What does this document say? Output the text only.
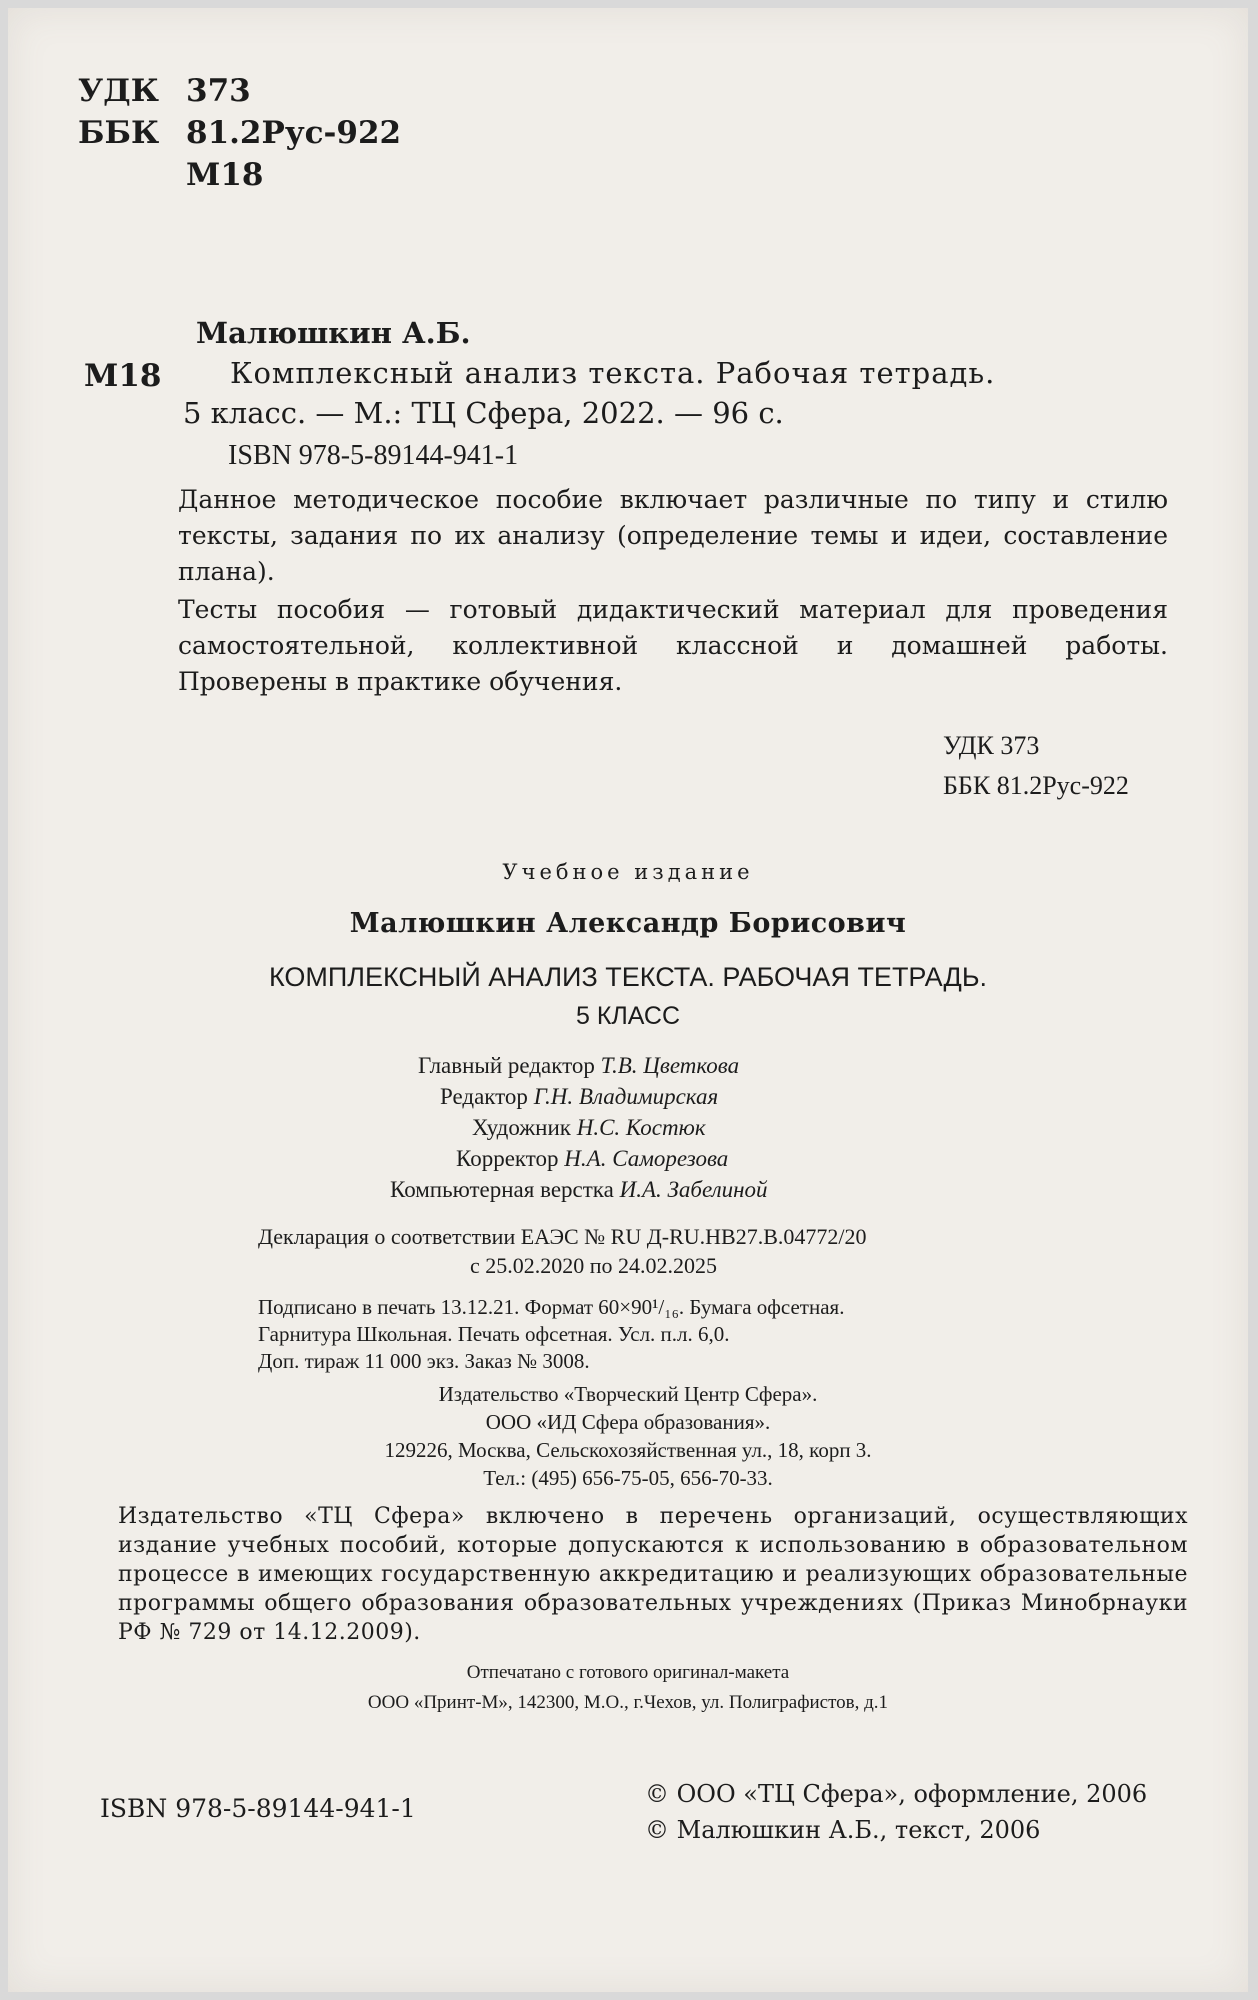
УДК 373
ББК 81.2Рус-922
М18
Малюшкин А.Б.
М18 Комплексный анализ текста. Рабочая тетрадь.
5 класс. — М.: ТЦ Сфера, 2022. — 96 с.
ISBN 978-5-89144-941-1
Данное методическое пособие включает различные по типу и стилю тексты, задания по их анализу (определение темы и идеи, составление плана).
Тесты пособия — готовый дидактический материал для проведения самостоятельной, коллективной классной и домашней работы. Проверены в практике обучения.
УДК 373
ББК 81.2Рус-922
Учебное издание
Малюшкин Александр Борисович
КОМПЛЕКСНЫЙ АНАЛИЗ ТЕКСТА. РАБОЧАЯ ТЕТРАДЬ.
5 КЛАСС
Главный редактор Т.В. Цветкова
Редактор Г.Н. Владимирская
Художник Н.С. Костюк
Корректор Н.А. Саморезова
Компьютерная верстка И.А. Забелиной
Декларация о соответствии ЕАЭС № RU Д-RU.НВ27.В.04772/20
с 25.02.2020 по 24.02.2025
Подписано в печать 13.12.21. Формат 60×90¹/₁₆. Бумага офсетная.
Гарнитура Школьная. Печать офсетная. Усл. п.л. 6,0.
Доп. тираж 11 000 экз. Заказ № 3008.
Издательство «Творческий Центр Сфера».
ООО «ИД Сфера образования».
129226, Москва, Сельскохозяйственная ул., 18, корп 3.
Тел.: (495) 656-75-05, 656-70-33.
Издательство «ТЦ Сфера» включено в перечень организаций, осуществляющих издание учебных пособий, которые допускаются к использованию в образовательном процессе в имеющих государственную аккредитацию и реализующих образовательные программы общего образования образовательных учреждениях (Приказ Минобрнауки РФ № 729 от 14.12.2009).
Отпечатано с готового оригинал-макета
ООО «Принт-М», 142300, М.О., г.Чехов, ул. Полиграфистов, д.1
ISBN 978-5-89144-941-1	© ООО «ТЦ Сфера», оформление, 2006
© Малюшкин А.Б., текст, 2006
